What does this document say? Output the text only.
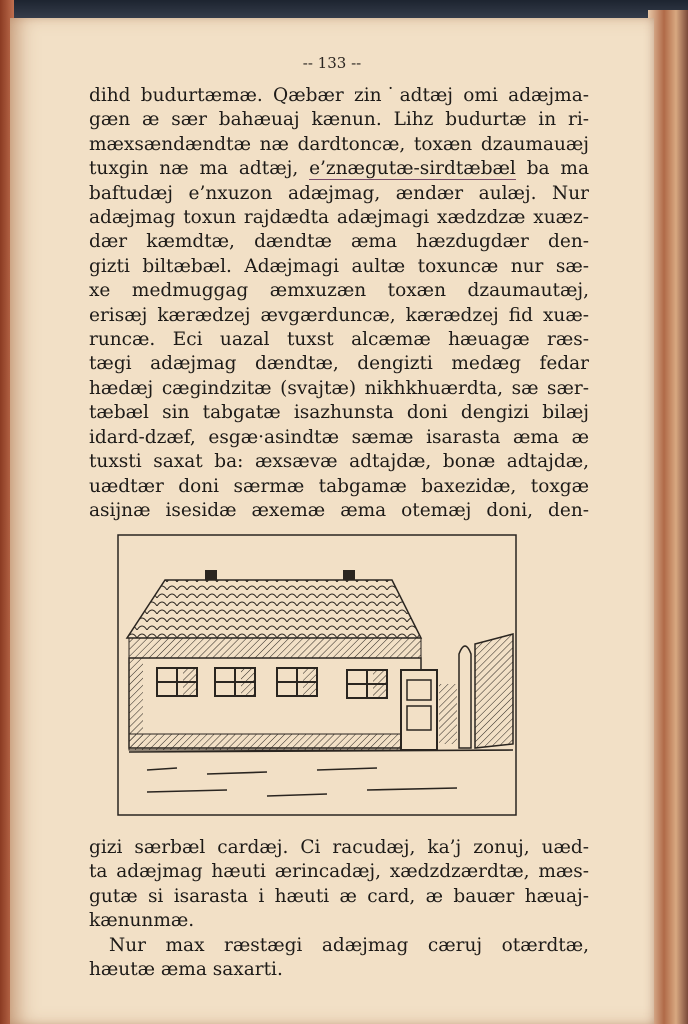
-- 133 --
dihd budurtæmæ. Qæbær zin˙adtæj omi adæjma-
gæn æ sær bahæuaj kænun. Lihz budurtæ in ri-
mæxsændændtæ næ dardtoncæ, toxæn dzaumauæj
tuxgin næ ma adtæj, e’znægutæ-sirdtæbæl ba ma
baftudæj e’nxuzon adæjmag, ændær aulæj. Nur
adæjmag toxun rajdædta adæjmagi xædzdzæ xuæz-
dær kæmdtæ, dændtæ æma hæzdugdær den-
gizti biltæbæl. Adæjmagi aultæ toxuncæ nur sæ-
xe medmuggag æmxuzæn toxæn dzaumautæj,
erisæj kærædzej ævgærduncæ, kærædzej fid xuæ-
runcæ. Eci uazal tuxst alcæmæ hæuagæ ræs-
tægi adæjmag dændtæ, dengizti medæg fedar
hædæj cægindzitæ (svajtæ) nikhkhuærdta, sæ sær-
tæbæl sin tabgatæ isazhunsta doni dengizi bilæj
idard-dzæf, esgæ·asindtæ sæmæ isarasta æma æ
tuxsti saxat ba: æxsævæ adtajdæ, bonæ adtajdæ,
uædtær doni særmæ tabgamæ baxezidæ, toxgæ
asijnæ isesidæ æxemæ æma otemæj doni, den-
gizi særbæl cardæj. Ci racudæj, ka’j zonuj, uæd-
ta adæjmag hæuti ærincadæj, xædzdzærdtæ, mæs-
gutæ si isarasta i hæuti æ card, æ bauær hæuaj-
kænunmæ.
Nur max ræstægi adæjmag cæruj otærdtæ,
hæutæ æma saxarti.
